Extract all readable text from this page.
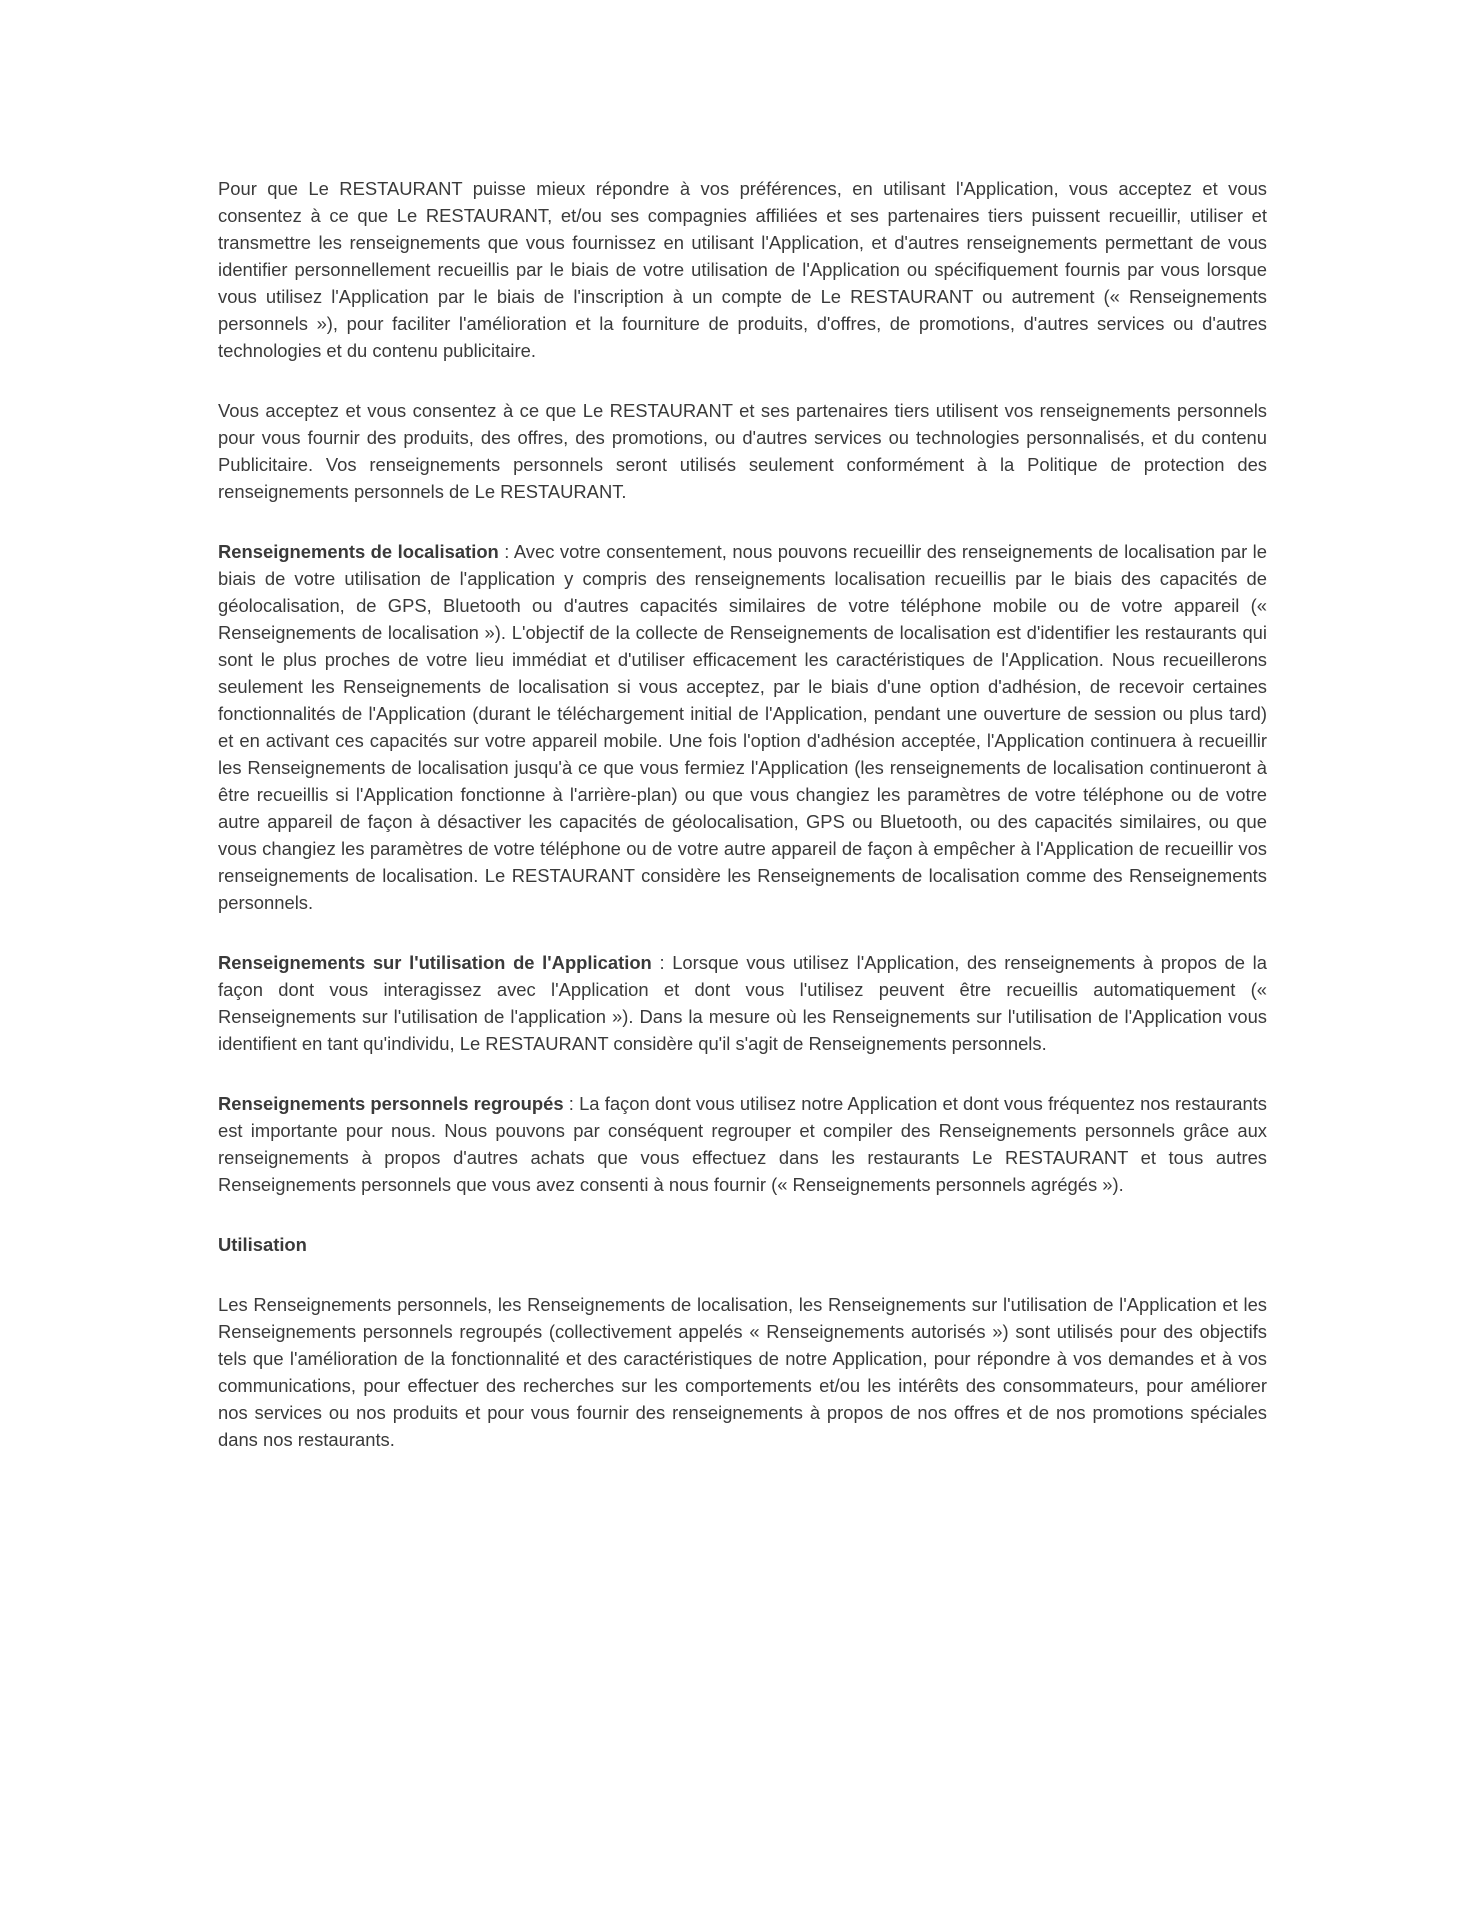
Pour que Le RESTAURANT puisse mieux répondre à vos préférences, en utilisant l'Application, vous acceptez et vous consentez à ce que Le RESTAURANT, et/ou ses compagnies affiliées et ses partenaires tiers puissent recueillir, utiliser et transmettre les renseignements que vous fournissez en utilisant l'Application, et d'autres renseignements permettant de vous identifier personnellement recueillis par le biais de votre utilisation de l'Application ou spécifiquement fournis par vous lorsque vous utilisez l'Application par le biais de l'inscription à un compte de Le RESTAURANT ou autrement (« Renseignements personnels »), pour faciliter l'amélioration et la fourniture de produits, d'offres, de promotions, d'autres services ou d'autres technologies et du contenu publicitaire.

Vous acceptez et vous consentez à ce que Le RESTAURANT et ses partenaires tiers utilisent vos renseignements personnels pour vous fournir des produits, des offres, des promotions, ou d'autres services ou technologies personnalisés, et du contenu Publicitaire. Vos renseignements personnels seront utilisés seulement conformément à la Politique de protection des renseignements personnels de Le RESTAURANT.

Renseignements de localisation : Avec votre consentement, nous pouvons recueillir des renseignements de localisation par le biais de votre utilisation de l'application y compris des renseignements localisation recueillis par le biais des capacités de géolocalisation, de GPS, Bluetooth ou d'autres capacités similaires de votre téléphone mobile ou de votre appareil (« Renseignements de localisation »). L'objectif de la collecte de Renseignements de localisation est d'identifier les restaurants qui sont le plus proches de votre lieu immédiat et d'utiliser efficacement les caractéristiques de l'Application. Nous recueillerons seulement les Renseignements de localisation si vous acceptez, par le biais d'une option d'adhésion, de recevoir certaines fonctionnalités de l'Application (durant le téléchargement initial de l'Application, pendant une ouverture de session ou plus tard) et en activant ces capacités sur votre appareil mobile. Une fois l'option d'adhésion acceptée, l'Application continuera à recueillir les Renseignements de localisation jusqu'à ce que vous fermiez l'Application (les renseignements de localisation continueront à être recueillis si l'Application fonctionne à l'arrière-plan) ou que vous changiez les paramètres de votre téléphone ou de votre autre appareil de façon à désactiver les capacités de géolocalisation, GPS ou Bluetooth, ou des capacités similaires, ou que vous changiez les paramètres de votre téléphone ou de votre autre appareil de façon à empêcher à l'Application de recueillir vos renseignements de localisation. Le RESTAURANT considère les Renseignements de localisation comme des Renseignements personnels.

Renseignements sur l'utilisation de l'Application : Lorsque vous utilisez l'Application, des renseignements à propos de la façon dont vous interagissez avec l'Application et dont vous l'utilisez peuvent être recueillis automatiquement (« Renseignements sur l'utilisation de l'application »). Dans la mesure où les Renseignements sur l'utilisation de l'Application vous identifient en tant qu'individu, Le RESTAURANT considère qu'il s'agit de Renseignements personnels.

Renseignements personnels regroupés : La façon dont vous utilisez notre Application et dont vous fréquentez nos restaurants est importante pour nous. Nous pouvons par conséquent regrouper et compiler des Renseignements personnels grâce aux renseignements à propos d'autres achats que vous effectuez dans les restaurants Le RESTAURANT et tous autres Renseignements personnels que vous avez consenti à nous fournir (« Renseignements personnels agrégés »).

Utilisation

Les Renseignements personnels, les Renseignements de localisation, les Renseignements sur l'utilisation de l'Application et les Renseignements personnels regroupés (collectivement appelés « Renseignements autorisés ») sont utilisés pour des objectifs tels que l'amélioration de la fonctionnalité et des caractéristiques de notre Application, pour répondre à vos demandes et à vos communications, pour effectuer des recherches sur les comportements et/ou les intérêts des consommateurs, pour améliorer nos services ou nos produits et pour vous fournir des renseignements à propos de nos offres et de nos promotions spéciales dans nos restaurants.
